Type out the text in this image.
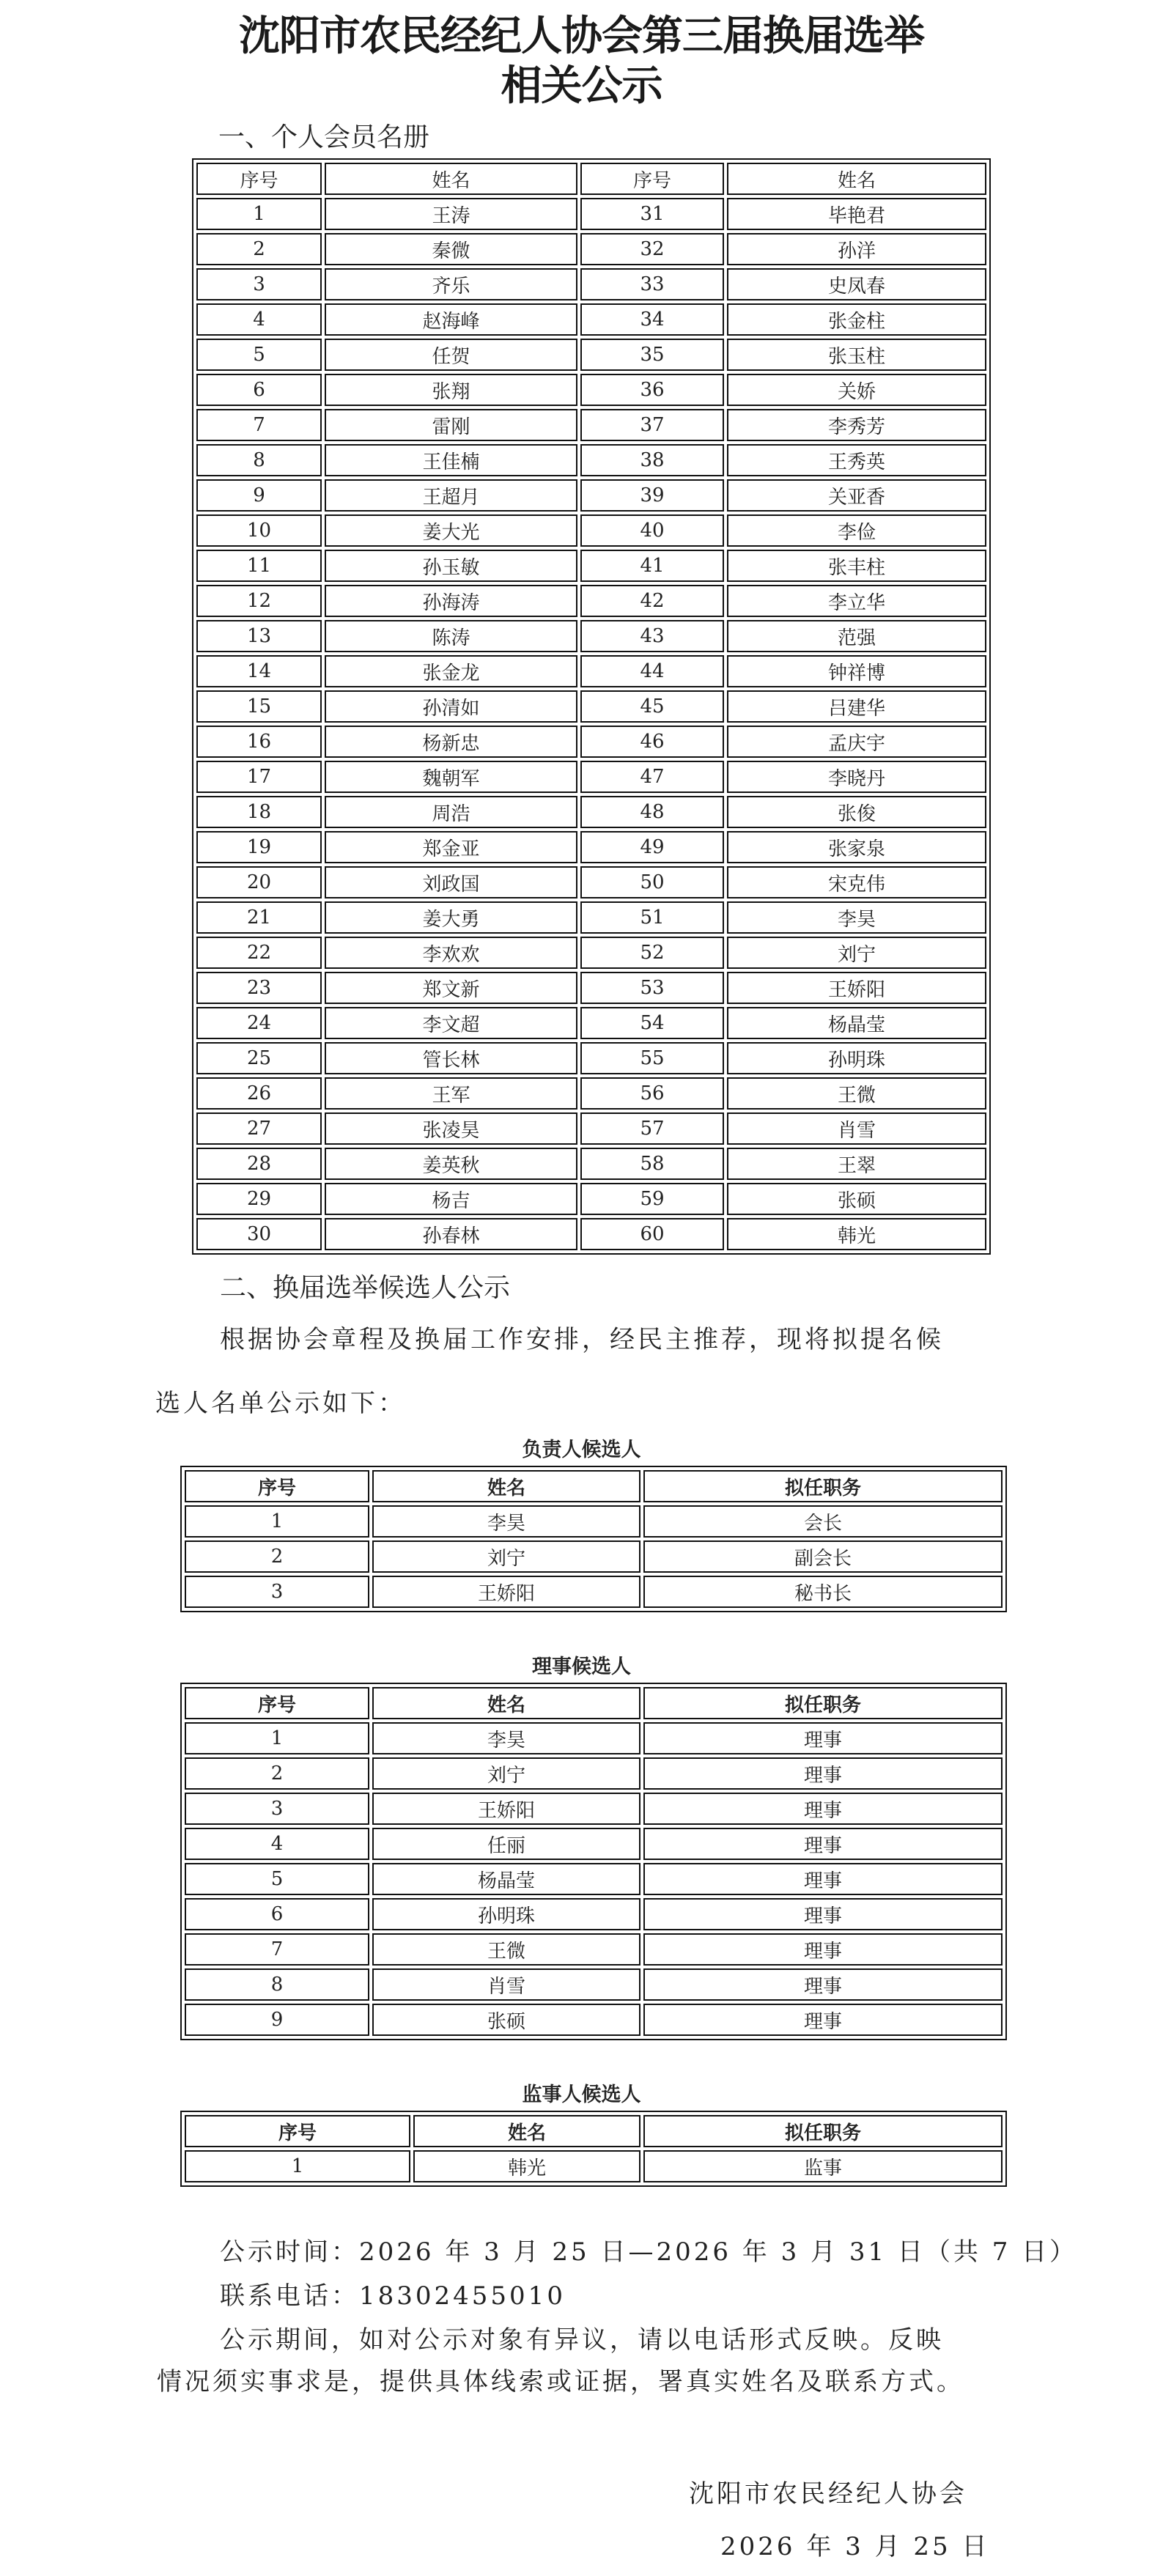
沈阳市农民经纪人协会第三届换届选举
相关公示
一、个人会员名册
序号	姓名	序号	姓名
1	王涛	31	毕艳君
2	秦微	32	孙洋
3	齐乐	33	史凤春
4	赵海峰	34	张金柱
5	任贺	35	张玉柱
6	张翔	36	关娇
7	雷刚	37	李秀芳
8	王佳楠	38	王秀英
9	王超月	39	关亚香
10	姜大光	40	李俭
11	孙玉敏	41	张丰柱
12	孙海涛	42	李立华
13	陈涛	43	范强
14	张金龙	44	钟祥博
15	孙清如	45	吕建华
16	杨新忠	46	孟庆宇
17	魏朝军	47	李晓丹
18	周浩	48	张俊
19	郑金亚	49	张家泉
20	刘政国	50	宋克伟
21	姜大勇	51	李昊
22	李欢欢	52	刘宁
23	郑文新	53	王娇阳
24	李文超	54	杨晶莹
25	管长林	55	孙明珠
26	王军	56	王微
27	张凌昊	57	肖雪
28	姜英秋	58	王翠
29	杨吉	59	张硕
30	孙春林	60	韩光
二、换届选举候选人公示
根据协会章程及换届工作安排，经民主推荐，现将拟提名候
选人名单公示如下：
负责人候选人
序号	姓名	拟任职务
1	李昊	会长
2	刘宁	副会长
3	王娇阳	秘书长
理事候选人
序号	姓名	拟任职务
1	李昊	理事
2	刘宁	理事
3	王娇阳	理事
4	任丽	理事
5	杨晶莹	理事
6	孙明珠	理事
7	王微	理事
8	肖雪	理事
9	张硕	理事
监事人候选人
序号	姓名	拟任职务
1	韩光	监事
公示时间：2026 年 3 月 25 日—2026 年 3 月 31 日（共 7 日）
联系电话：18302455010
公示期间，如对公示对象有异议，请以电话形式反映。反映
情况须实事求是，提供具体线索或证据，署真实姓名及联系方式。
沈阳市农民经纪人协会
2026 年 3 月 25 日
